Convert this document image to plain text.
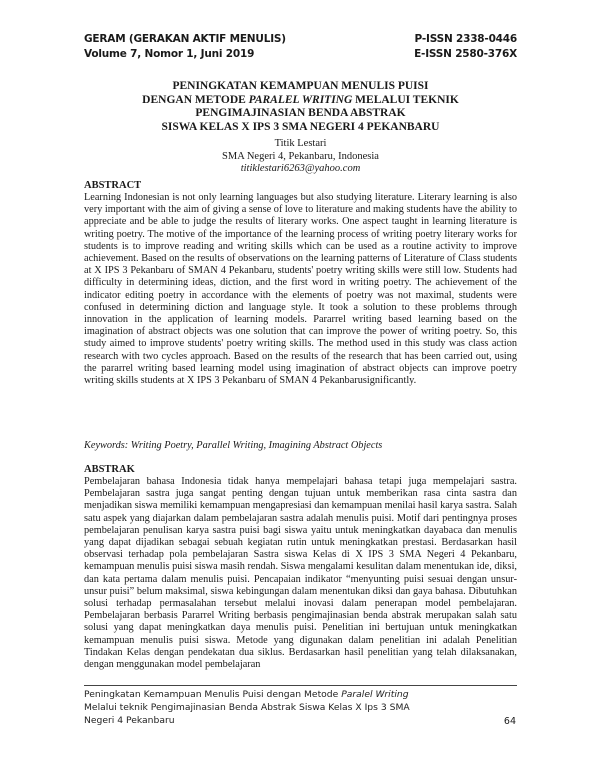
GERAM (GERAKAN AKTIF MENULIS)
Volume 7, Nomor 1, Juni 2019
P-ISSN 2338-0446
E-ISSN 2580-376X
PENINGKATAN KEMAMPUAN MENULIS PUISI
DENGAN METODE PARALEL WRITING MELALUI TEKNIK
PENGIMAJINASIAN BENDA ABSTRAK
SISWA KELAS X IPS 3 SMA NEGERI 4 PEKANBARU
Titik Lestari
SMA Negeri 4, Pekanbaru, Indonesia
titiklestari6263@yahoo.com
ABSTRACT

Learning Indonesian is not only learning languages but also studying literature. Literary learning is also very important with the aim of giving a sense of love to literature and making students have the ability to appreciate and be able to judge the results of literary works. One aspect taught in learning literature is writing poetry. The motive of the importance of the learning process of writing poetry literary works for students is to improve reading and writing skills which can be used as a routine activity to improve achievement. Based on the results of observations on the learning patterns of Literature of Class students at X IPS 3 Pekanbaru of SMAN 4 Pekanbaru, students' poetry writing skills were still low. Students had difficulty in determining ideas, diction, and the first word in writing poetry. The achievement of the indicator editing poetry in accordance with the elements of poetry was not maximal, students were confused in determining diction and language style. It took a solution to these problems through innovation in the application of learning models. Pararrel writing based learning based on the imagination of abstract objects was one solution that can improve the power of writing poetry. So, this study aimed to improve students' poetry writing skills. The method used in this study was class action research with two cycles approach. Based on the results of the research that has been carried out, using the pararrel writing based learning model using imagination of abstract objects can improve poetry writing skills students at X IPS 3 Pekanbaru of SMAN 4 Pekanbarusignificantly.

Keywords: Writing Poetry, Parallel Writing, Imagining Abstract Objects
ABSTRAK

Pembelajaran bahasa Indonesia tidak hanya mempelajari bahasa tetapi juga mempelajari sastra. Pembelajaran sastra juga sangat penting dengan tujuan untuk memberikan rasa cinta sastra dan menjadikan siswa memiliki kemampuan mengapresiasi dan kemampuan menilai hasil karya sastra. Salah satu aspek yang diajarkan dalam pembelajaran sastra adalah menulis puisi. Motif dari pentingnya proses pembelajaran penulisan karya sastra puisi bagi siswa yaitu untuk meningkatkan dayabaca dan menulis yang dapat dijadikan sebagai sebuah kegiatan rutin untuk meningkatkan prestasi. Berdasarkan hasil observasi terhadap pola pembelajaran Sastra siswa Kelas di X IPS 3 SMA Negeri 4 Pekanbaru, kemampuan menulis puisi siswa masih rendah. Siswa mengalami kesulitan dalam menentukan ide, diksi, dan kata pertama dalam menulis puisi. Pencapaian indikator “menyunting puisi sesuai dengan unsur-unsur puisi” belum maksimal, siswa kebingungan dalam menentukan diksi dan gaya bahasa. Dibutuhkan solusi terhadap permasalahan tersebut melalui inovasi dalam penerapan model pembelajaran. Pembelajaran berbasis Pararrel Writing berbasis pengimajinasian benda abstrak merupakan salah satu solusi yang dapat meningkatkan daya menulis puisi. Penelitian ini bertujuan untuk meningkatkan kemampuan menulis puisi siswa. Metode yang digunakan dalam penelitian ini adalah Penelitian Tindakan Kelas dengan pendekatan dua siklus. Berdasarkan hasil penelitian yang telah dilaksanakan, dengan menggunakan model pembelajaran

Peningkatan Kemampuan Menulis Puisi dengan Metode Paralel Writing
Melalui teknik Pengimajinasian Benda Abstrak Siswa Kelas X Ips 3 SMA
Negeri 4 Pekanbaru	64
